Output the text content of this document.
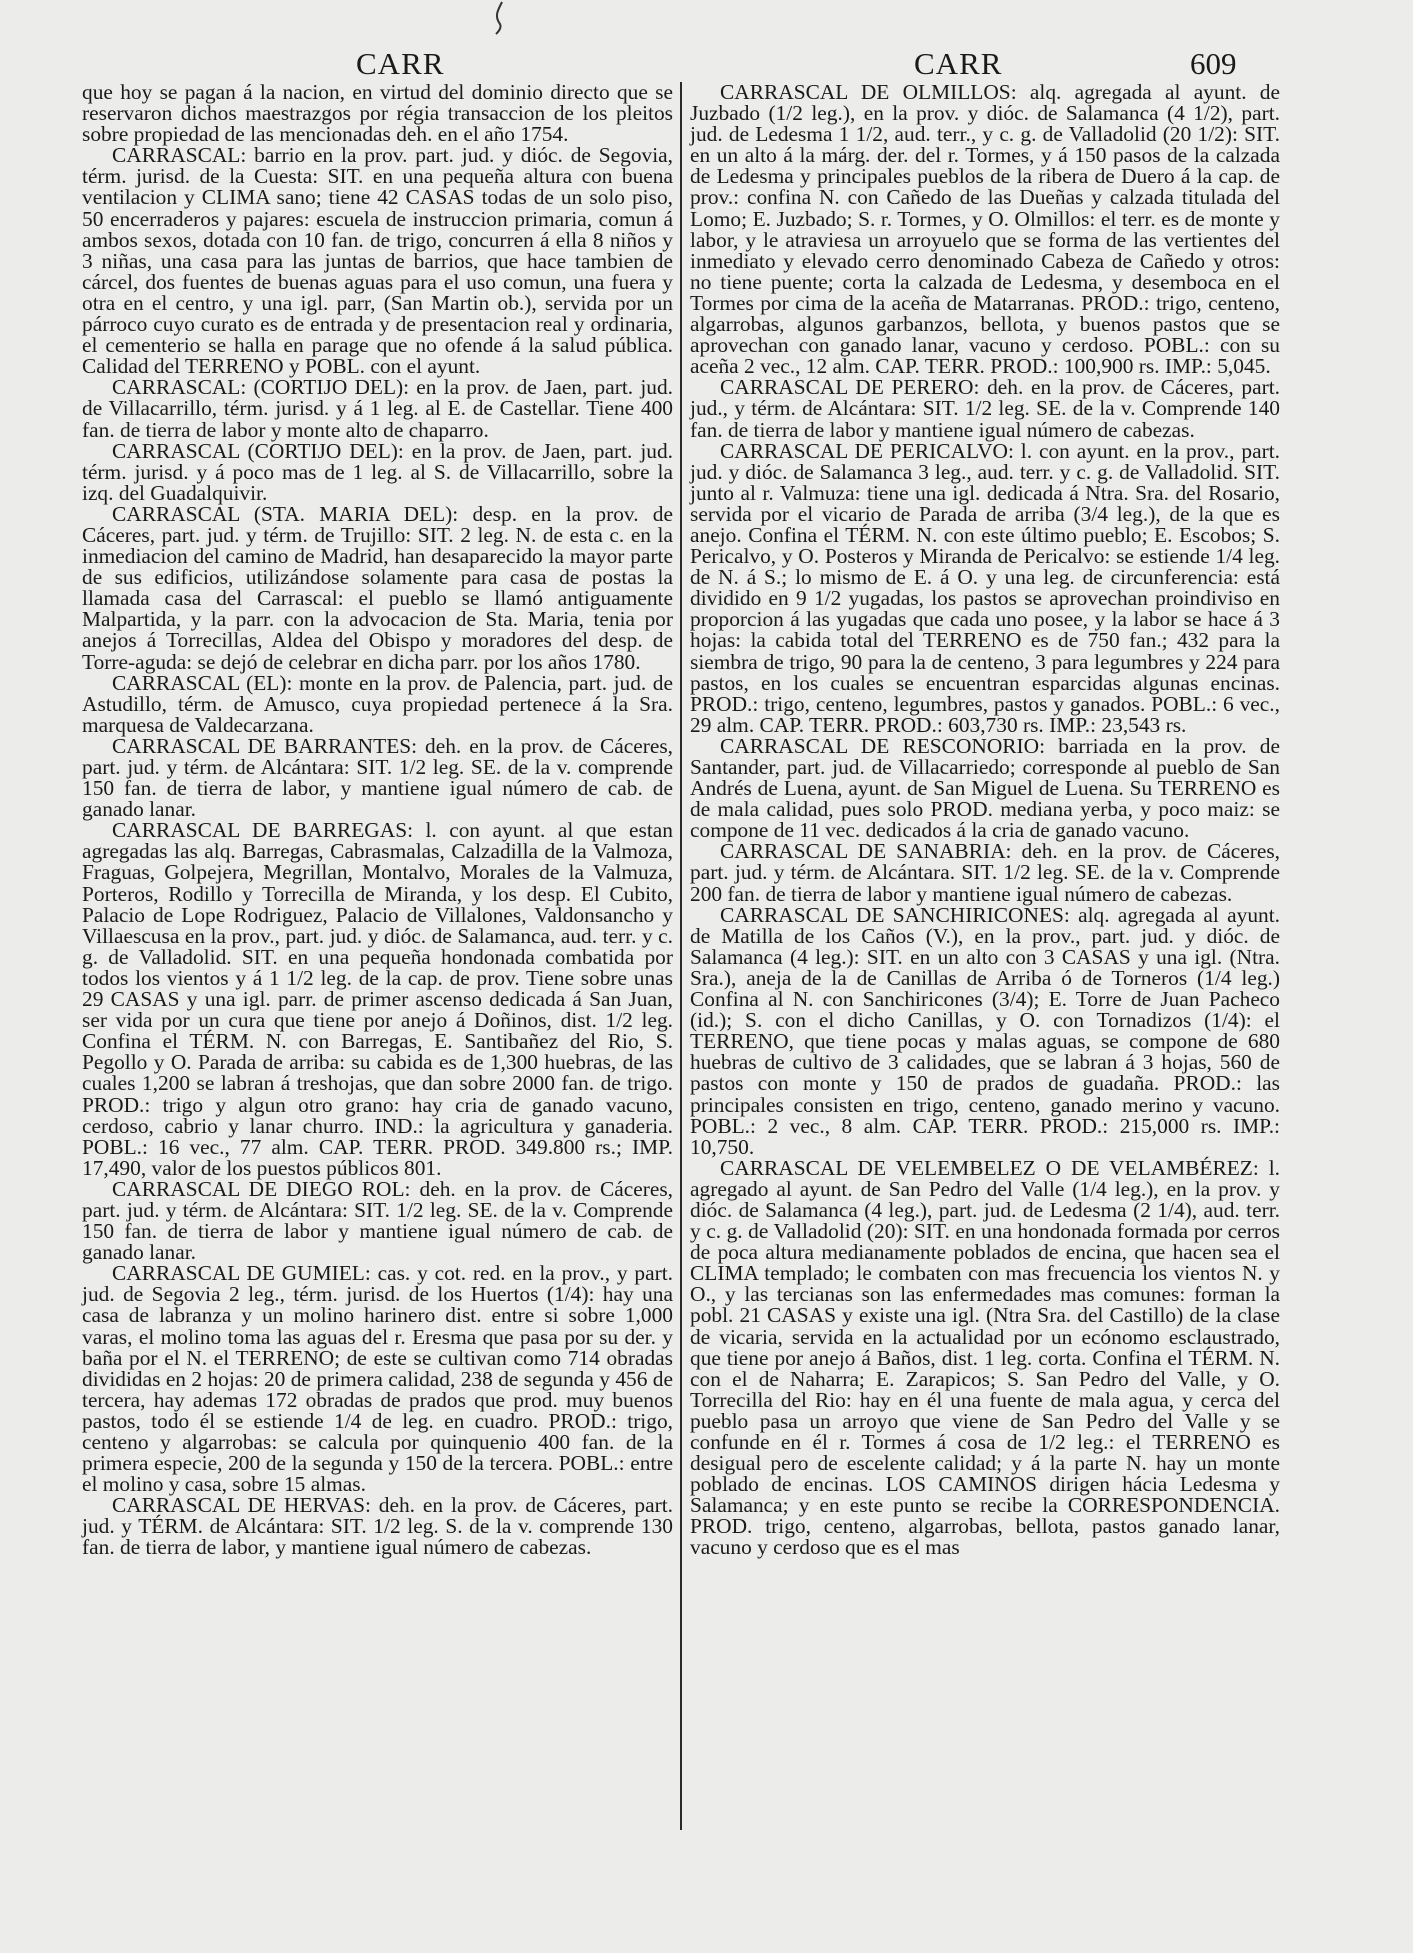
CARR	CARR	609

que hoy se pagan á la nacion, en virtud del dominio directo que se reservaron dichos maestrazgos por régia transaccion de los pleitos sobre propiedad de las mencionadas deh. en el año 1754.

CARRASCAL: barrio en la prov. part. jud. y dióc. de Segovia, térm. jurisd. de la Cuesta: SIT. en una pequeña altura con buena ventilacion y CLIMA sano; tiene 42 CASAS todas de un solo piso, 50 encerraderos y pajares: escuela de instruccion primaria, comun á ambos sexos, dotada con 10 fan. de trigo, concurren á ella 8 niños y 3 niñas, una casa para las juntas de barrios, que hace tambien de cárcel, dos fuentes de buenas aguas para el uso comun, una fuera y otra en el centro, y una igl. parr, (San Martin ob.), servida por un párroco cuyo curato es de entrada y de presentacion real y ordinaria, el cementerio se halla en parage que no ofende á la salud pública. Calidad del TERRENO y POBL. con el ayunt.

CARRASCAL: (CORTIJO DEL): en la prov. de Jaen, part. jud. de Villacarrillo, térm. jurisd. y á 1 leg. al E. de Castellar. Tiene 400 fan. de tierra de labor y monte alto de chaparro.

CARRASCAL (CORTIJO DEL): en la prov. de Jaen, part. jud. térm. jurisd. y á poco mas de 1 leg. al S. de Villacarrillo, sobre la izq. del Guadalquivir.

CARRASCAL (STA. MARIA DEL): desp. en la prov. de Cáceres, part. jud. y térm. de Trujillo: SIT. 2 leg. N. de esta c. en la inmediacion del camino de Madrid, han desaparecido la mayor parte de sus edificios, utilizándose solamente para casa de postas la llamada casa del Carrascal: el pueblo se llamó antiguamente Malpartida, y la parr. con la advocacion de Sta. Maria, tenia por anejos á Torrecillas, Aldea del Obispo y moradores del desp. de Torre-aguda: se dejó de celebrar en dicha parr. por los años 1780.

CARRASCAL (EL): monte en la prov. de Palencia, part. jud. de Astudillo, térm. de Amusco, cuya propiedad pertenece á la Sra. marquesa de Valdecarzana.

CARRASCAL DE BARRANTES: deh. en la prov. de Cáceres, part. jud. y térm. de Alcántara: SIT. 1/2 leg. SE. de la v. comprende 150 fan. de tierra de labor, y mantiene igual número de cab. de ganado lanar.

CARRASCAL DE BARREGAS: l. con ayunt. al que estan agregadas las alq. Barregas, Cabrasmalas, Calzadilla de la Valmoza, Fraguas, Golpejera, Megrillan, Montalvo, Morales de la Valmuza, Porteros, Rodillo y Torrecilla de Miranda, y los desp. El Cubito, Palacio de Lope Rodriguez, Palacio de Villalones, Valdonsancho y Villaescusa en la prov., part. jud. y dióc. de Salamanca, aud. terr. y c. g. de Valladolid. SIT. en una pequeña hondonada combatida por todos los vientos y á 1 1/2 leg. de la cap. de prov. Tiene sobre unas 29 CASAS y una igl. parr. de primer ascenso dedicada á San Juan, ser vida por un cura que tiene por anejo á Doñinos, dist. 1/2 leg. Confina el TÉRM. N. con Barregas, E. Santibañez del Rio, S. Pegollo y O. Parada de arriba: su cabida es de 1,300 huebras, de las cuales 1,200 se labran á treshojas, que dan sobre 2000 fan. de trigo. PROD.: trigo y algun otro grano: hay cria de ganado vacuno, cerdoso, cabrio y lanar churro. IND.: la agricultura y ganaderia. POBL.: 16 vec., 77 alm. CAP. TERR. PROD. 349.800 rs.; IMP. 17,490, valor de los puestos públicos 801.

CARRASCAL DE DIEGO ROL: deh. en la prov. de Cáceres, part. jud. y térm. de Alcántara: SIT. 1/2 leg. SE. de la v. Comprende 150 fan. de tierra de labor y mantiene igual número de cab. de ganado lanar.

CARRASCAL DE GUMIEL: cas. y cot. red. en la prov., y part. jud. de Segovia 2 leg., térm. jurisd. de los Huertos (1/4): hay una casa de labranza y un molino harinero dist. entre si sobre 1,000 varas, el molino toma las aguas del r. Eresma que pasa por su der. y baña por el N. el TERRENO; de este se cultivan como 714 obradas divididas en 2 hojas: 20 de primera calidad, 238 de segunda y 456 de tercera, hay ademas 172 obradas de prados que prod. muy buenos pastos, todo él se estiende 1/4 de leg. en cuadro. PROD.: trigo, centeno y algarrobas: se calcula por quinquenio 400 fan. de la primera especie, 200 de la segunda y 150 de la tercera. POBL.: entre el molino y casa, sobre 15 almas.

CARRASCAL DE HERVAS: deh. en la prov. de Cáceres, part. jud. y TÉRM. de Alcántara: SIT. 1/2 leg. S. de la v. comprende 130 fan. de tierra de labor, y mantiene igual número de cabezas.

CARRASCAL DE OLMILLOS: alq. agregada al ayunt. de Juzbado (1/2 leg.), en la prov. y dióc. de Salamanca (4 1/2), part. jud. de Ledesma 1 1/2, aud. terr., y c. g. de Valladolid (20 1/2): SIT. en un alto á la márg. der. del r. Tormes, y á 150 pasos de la calzada de Ledesma y principales pueblos de la ribera de Duero á la cap. de prov.: confina N. con Cañedo de las Dueñas y calzada titulada del Lomo; E. Juzbado; S. r. Tormes, y O. Olmillos: el terr. es de monte y labor, y le atraviesa un arroyuelo que se forma de las vertientes del inmediato y elevado cerro denominado Cabeza de Cañedo y otros: no tiene puente; corta la calzada de Ledesma, y desemboca en el Tormes por cima de la aceña de Matarranas. PROD.: trigo, centeno, algarrobas, algunos garbanzos, bellota, y buenos pastos que se aprovechan con ganado lanar, vacuno y cerdoso. POBL.: con su aceña 2 vec., 12 alm. CAP. TERR. PROD.: 100,900 rs. IMP.: 5,045.

CARRASCAL DE PERERO: deh. en la prov. de Cáceres, part. jud., y térm. de Alcántara: SIT. 1/2 leg. SE. de la v. Comprende 140 fan. de tierra de labor y mantiene igual número de cabezas.

CARRASCAL DE PERICALVO: l. con ayunt. en la prov., part. jud. y dióc. de Salamanca 3 leg., aud. terr. y c. g. de Valladolid. SIT. junto al r. Valmuza: tiene una igl. dedicada á Ntra. Sra. del Rosario, servida por el vicario de Parada de arriba (3/4 leg.), de la que es anejo. Confina el TÉRM. N. con este último pueblo; E. Escobos; S. Pericalvo, y O. Posteros y Miranda de Pericalvo: se estiende 1/4 leg. de N. á S.; lo mismo de E. á O. y una leg. de circunferencia: está dividido en 9 1/2 yugadas, los pastos se aprovechan proindiviso en proporcion á las yugadas que cada uno posee, y la labor se hace á 3 hojas: la cabida total del TERRENO es de 750 fan.; 432 para la siembra de trigo, 90 para la de centeno, 3 para legumbres y 224 para pastos, en los cuales se encuentran esparcidas algunas encinas. PROD.: trigo, centeno, legumbres, pastos y ganados. POBL.: 6 vec., 29 alm. CAP. TERR. PROD.: 603,730 rs. IMP.: 23,543 rs.

CARRASCAL DE RESCONORIO: barriada en la prov. de Santander, part. jud. de Villacarriedo; corresponde al pueblo de San Andrés de Luena, ayunt. de San Miguel de Luena. Su TERRENO es de mala calidad, pues solo PROD. mediana yerba, y poco maiz: se compone de 11 vec. dedicados á la cria de ganado vacuno.

CARRASCAL DE SANABRIA: deh. en la prov. de Cáceres, part. jud. y térm. de Alcántara. SIT. 1/2 leg. SE. de la v. Comprende 200 fan. de tierra de labor y mantiene igual número de cabezas.

CARRASCAL DE SANCHIRICONES: alq. agregada al ayunt. de Matilla de los Caños (V.), en la prov., part. jud. y dióc. de Salamanca (4 leg.): SIT. en un alto con 3 CASAS y una igl. (Ntra. Sra.), aneja de la de Canillas de Arriba ó de Torneros (1/4 leg.) Confina al N. con Sanchiricones (3/4); E. Torre de Juan Pacheco (id.); S. con el dicho Canillas, y O. con Tornadizos (1/4): el TERRENO, que tiene pocas y malas aguas, se compone de 680 huebras de cultivo de 3 calidades, que se labran á 3 hojas, 560 de pastos con monte y 150 de prados de guadaña. PROD.: las principales consisten en trigo, centeno, ganado merino y vacuno. POBL.: 2 vec., 8 alm. CAP. TERR. PROD.: 215,000 rs. IMP.: 10,750.

CARRASCAL DE VELEMBELEZ O DE VELAMBÉREZ: l. agregado al ayunt. de San Pedro del Valle (1/4 leg.), en la prov. y dióc. de Salamanca (4 leg.), part. jud. de Ledesma (2 1/4), aud. terr. y c. g. de Valladolid (20): SIT. en una hondonada formada por cerros de poca altura medianamente poblados de encina, que hacen sea el CLIMA templado; le combaten con mas frecuencia los vientos N. y O., y las tercianas son las enfermedades mas comunes: forman la pobl. 21 CASAS y existe una igl. (Ntra Sra. del Castillo) de la clase de vicaria, servida en la actualidad por un ecónomo esclaustrado, que tiene por anejo á Baños, dist. 1 leg. corta. Confina el TÉRM. N. con el de Naharra; E. Zarapicos; S. San Pedro del Valle, y O. Torrecilla del Rio: hay en él una fuente de mala agua, y cerca del pueblo pasa un arroyo que viene de San Pedro del Valle y se confunde en él r. Tormes á cosa de 1/2 leg.: el TERRENO es desigual pero de escelente calidad; y á la parte N. hay un monte poblado de encinas. LOS CAMINOS dirigen hácia Ledesma y Salamanca; y en este punto se recibe la CORRESPONDENCIA. PROD. trigo, centeno, algarrobas, bellota, pastos ganado lanar, vacuno y cerdoso que es el mas
